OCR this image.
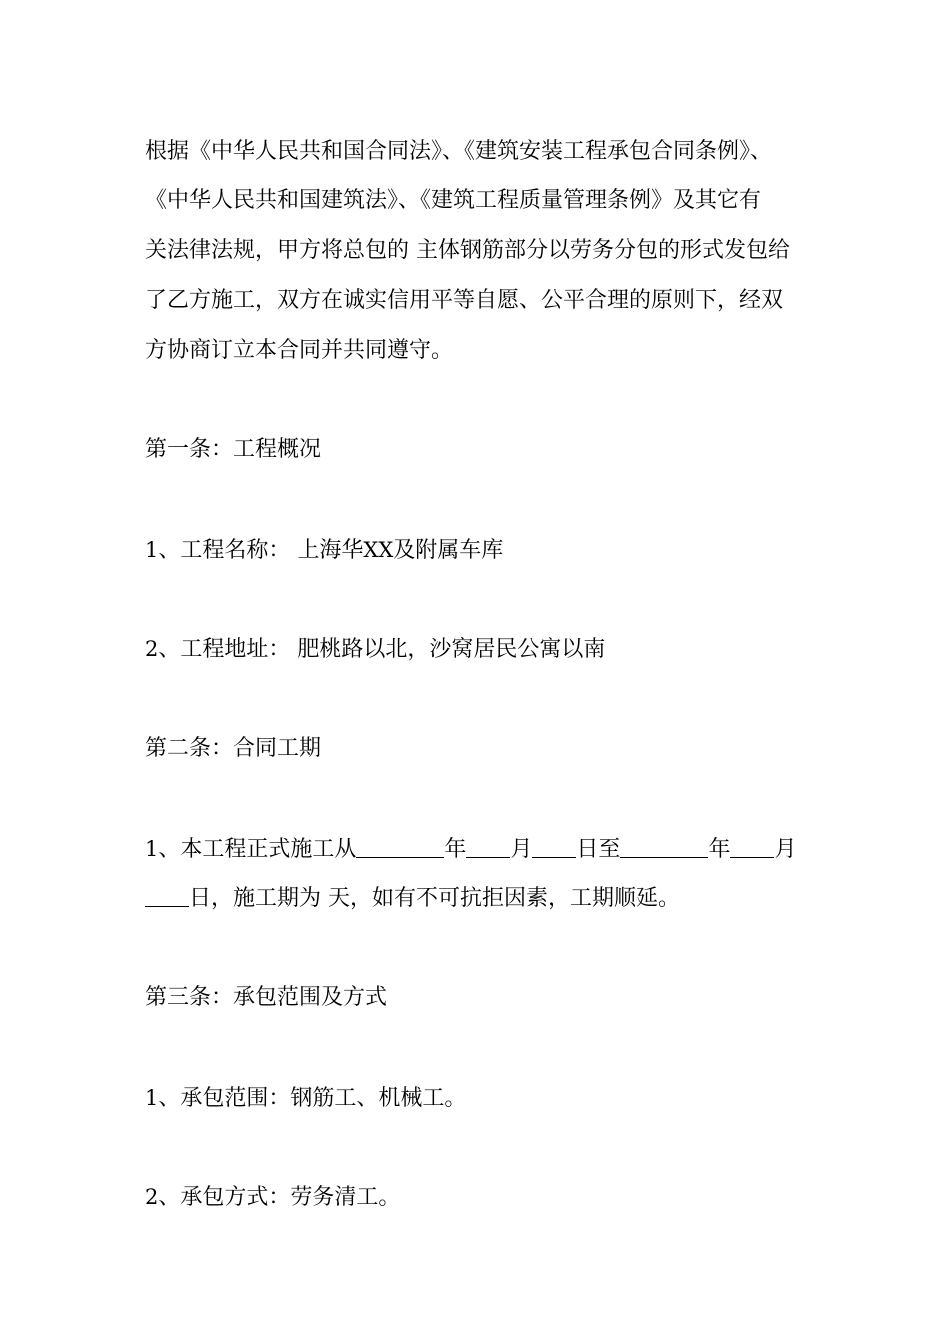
根据《中华人民共和国合同法》、《建筑安装工程承包合同条例》、
《中华人民共和国建筑法》、《建筑工程质量管理条例》及其它有
关法律法规，甲方将总包的 主体钢筋部分以劳务分包的形式发包给
了乙方施工，双方在诚实信用平等自愿、公平合理的原则下，经双
方协商订立本合同并共同遵守。
第一条：工程概况
1、工程名称： 上海华XX及附属车库
2、工程地址： 肥桃路以北，沙窝居民公寓以南
第二条：合同工期
1、本工程正式施工从	年 月 日至	年 月
日，施工期为 天，如有不可抗拒因素，工期顺延。
第三条：承包范围及方式
1、承包范围：钢筋工、机械工。
2、承包方式：劳务清工。
